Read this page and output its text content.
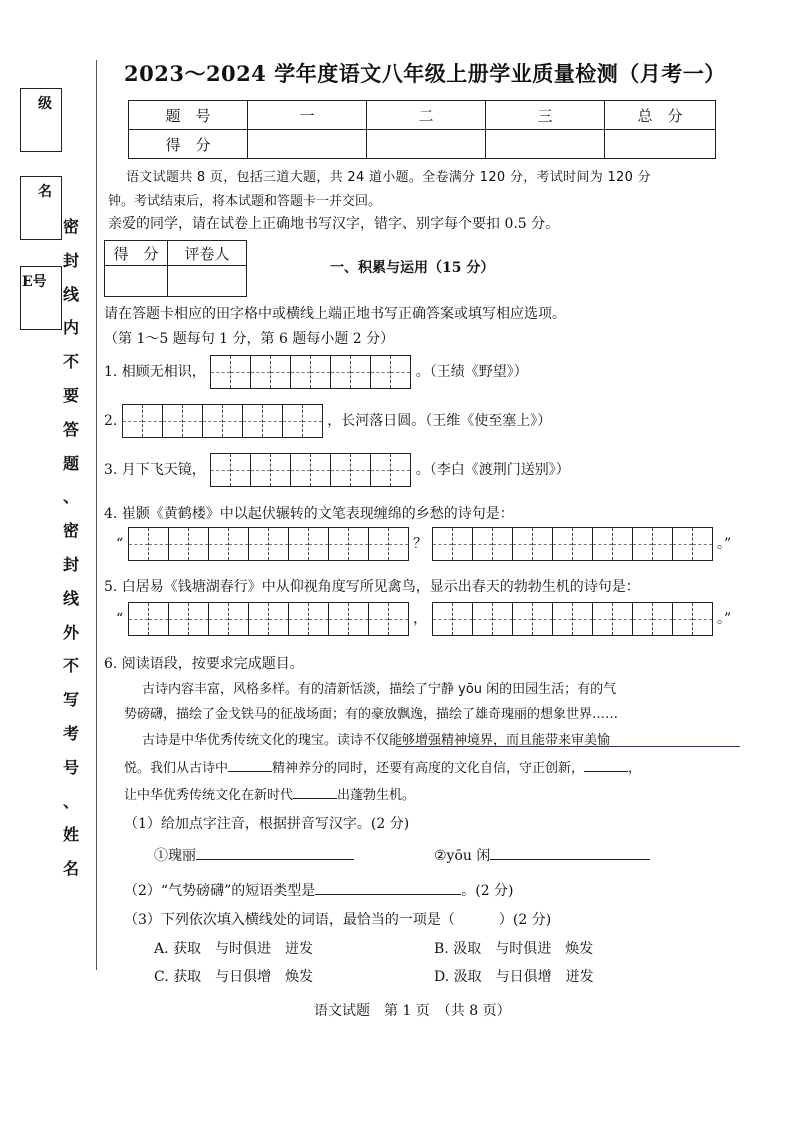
级
名
E号
密
封
线
内
不
要
答
题
、
密
封
线
外
不
写
考
号
、
姓
名
2023～2024 学年度语文八年级上册学业质量检测（月考一）
题　号	一	二	三	总　分
得　分				
语文试题共 8 页，包括三道大题，共 24 道小题。全卷满分 120 分，考试时间为 120 分
钟。考试结束后，将本试题和答题卡一并交回。
亲爱的同学，请在试卷上正确地书写汉字，错字、别字每个要扣 0.5 分。
得　分	评卷人

一、积累与运用（15 分）
请在答题卡相应的田字格中或横线上端正地书写正确答案或填写相应选项。
（第 1～5 题每句 1 分，第 6 题每小题 2 分）
1. 相顾无相识，	。（王绩《野望》）
2.	，长河落日圆。（王维《使至塞上》）
3. 月下飞天镜，	。（李白《渡荆门送别》）
4. 崔颢《黄鹤楼》中以起伏辗转的文笔表现缠绵的乡愁的诗句是：
“	？	。”
5. 白居易《钱塘湖春行》中从仰视角度写所见禽鸟，显示出春天的勃勃生机的诗句是：
“	，	。”
6. 阅读语段，按要求完成题目。
古诗内容丰富，风格多样。有的清新恬淡，描绘了宁静 yōu 闲的田园生活；有的气
势磅礴，描绘了金戈铁马的征战场面；有的豪放飘逸，描绘了雄奇瑰丽的想象世界……
古诗是中华优秀传统文化的瑰宝。读诗不仅能够增强精神境界，而且能带来审美愉
悦。我们从古诗中	精神养分的同时，还要有高度的文化自信，守正创新，	，
让中华优秀传统文化在新时代	出蓬勃生机。
（1）给加点字注音，根据拼音写汉字。(2 分)
①瑰丽	②yōu 闲
（2）“气势磅礴”的短语类型是	。(2 分)
（3）下列依次填入横线处的词语，最恰当的一项是（	）(2 分)
A. 获取　与时俱进　迸发	B. 汲取　与时俱进　焕发
C. 获取　与日俱增　焕发	D. 汲取　与日俱增　迸发
语文试题　第 1 页　（共 8 页）
